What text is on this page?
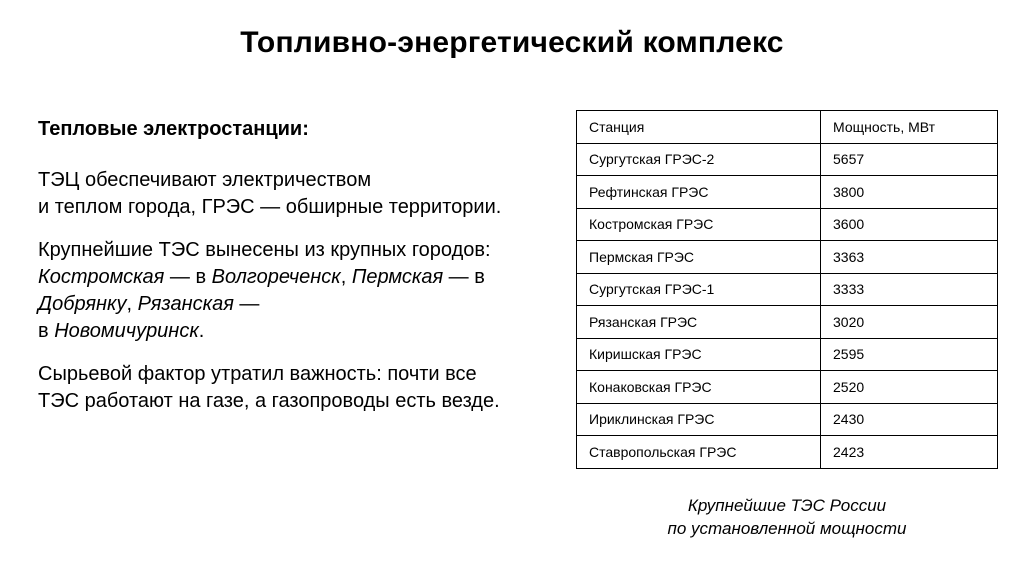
Топливно-энергетический комплекс

Тепловые электростанции:

ТЭЦ обеспечивают электричеством
и теплом города, ГРЭС — обширные территории.

Крупнейшие ТЭС вынесены из крупных городов:
Костромская — в Волгореченск, Пермская — в
Добрянку, Рязанская —
в Новомичуринск.

Сырьевой фактор утратил важность: почти все
ТЭС работают на газе, а газопроводы есть везде.

Станция	Мощность, МВт
Сургутская ГРЭС-2	5657
Рефтинская ГРЭС	3800
Костромская ГРЭС	3600
Пермская ГРЭС	3363
Сургутская ГРЭС-1	3333
Рязанская ГРЭС	3020
Киришская ГРЭС	2595
Конаковская ГРЭС	2520
Ириклинская ГРЭС	2430
Ставропольская ГРЭС	2423
Крупнейшие ТЭС России
по установленной мощности
